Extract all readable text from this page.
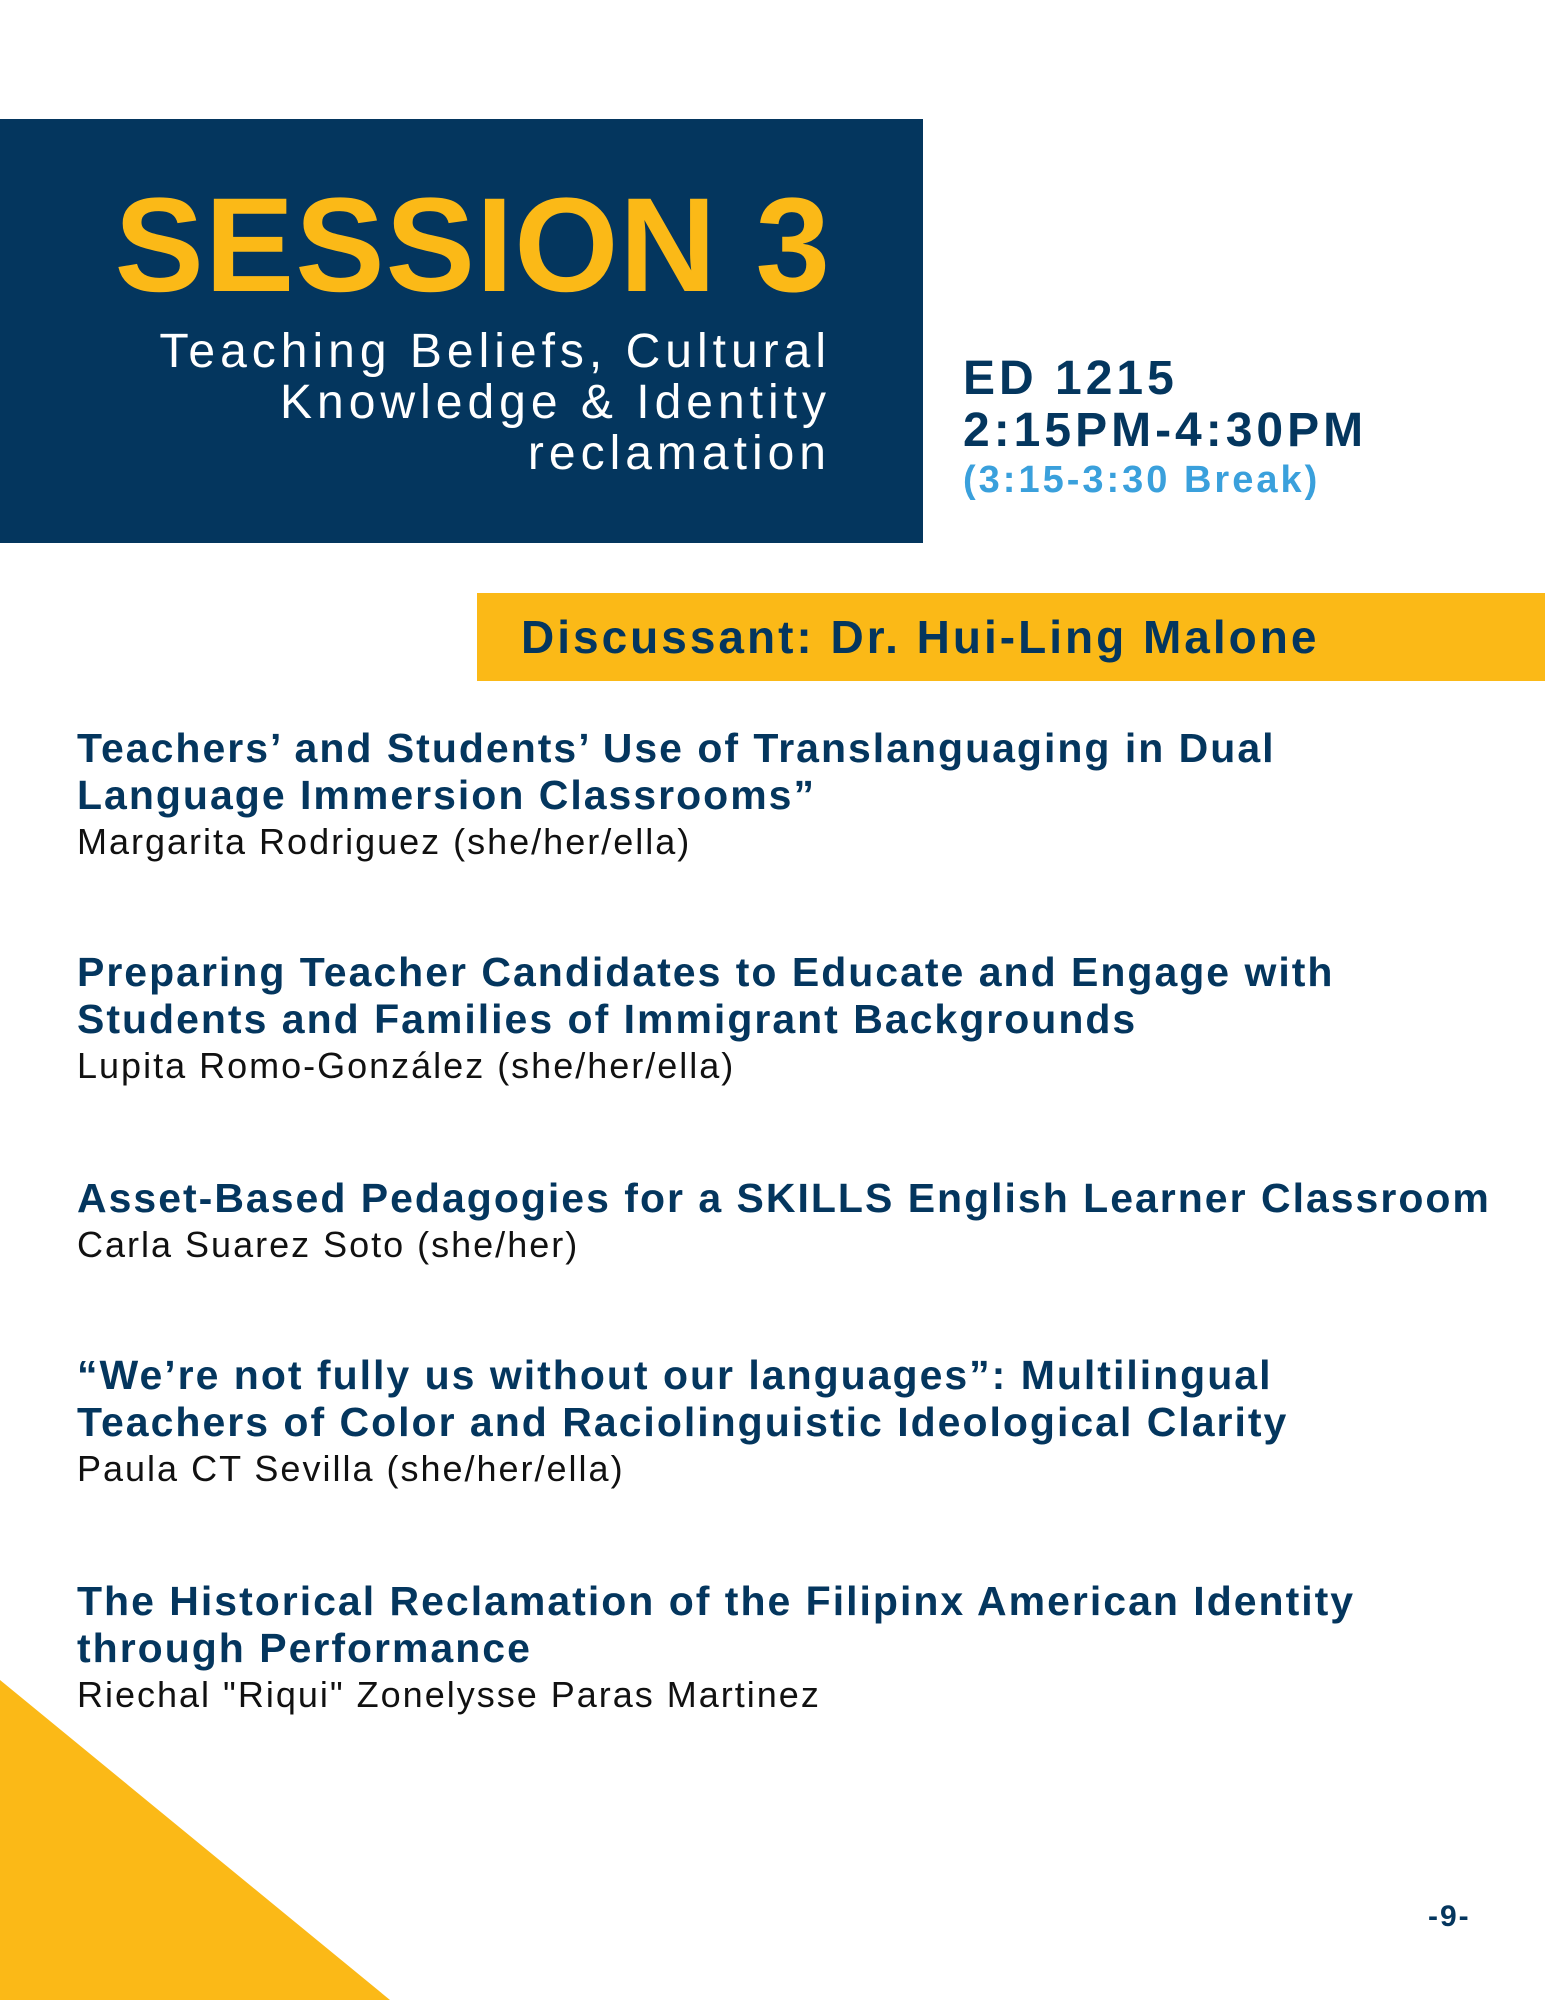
SESSION 3

Teaching Beliefs, Cultural
Knowledge & Identity
reclamation

ED 1215
2:15PM-4:30PM
(3:15-3:30 Break)

Discussant: Dr. Hui-Ling Malone

Teachers’ and Students’ Use of Translanguaging in Dual
Language Immersion Classrooms”
Margarita Rodriguez (she/her/ella)
Preparing Teacher Candidates to Educate and Engage with
Students and Families of Immigrant Backgrounds
Lupita Romo-González (she/her/ella)
Asset-Based Pedagogies for a SKILLS English Learner Classroom
Carla Suarez Soto (she/her)
“We’re not fully us without our languages”: Multilingual
Teachers of Color and Raciolinguistic Ideological Clarity
Paula CT Sevilla (she/her/ella)
The Historical Reclamation of the Filipinx American Identity
through Performance
Riechal "Riqui" Zonelysse Paras Martinez

-9-
